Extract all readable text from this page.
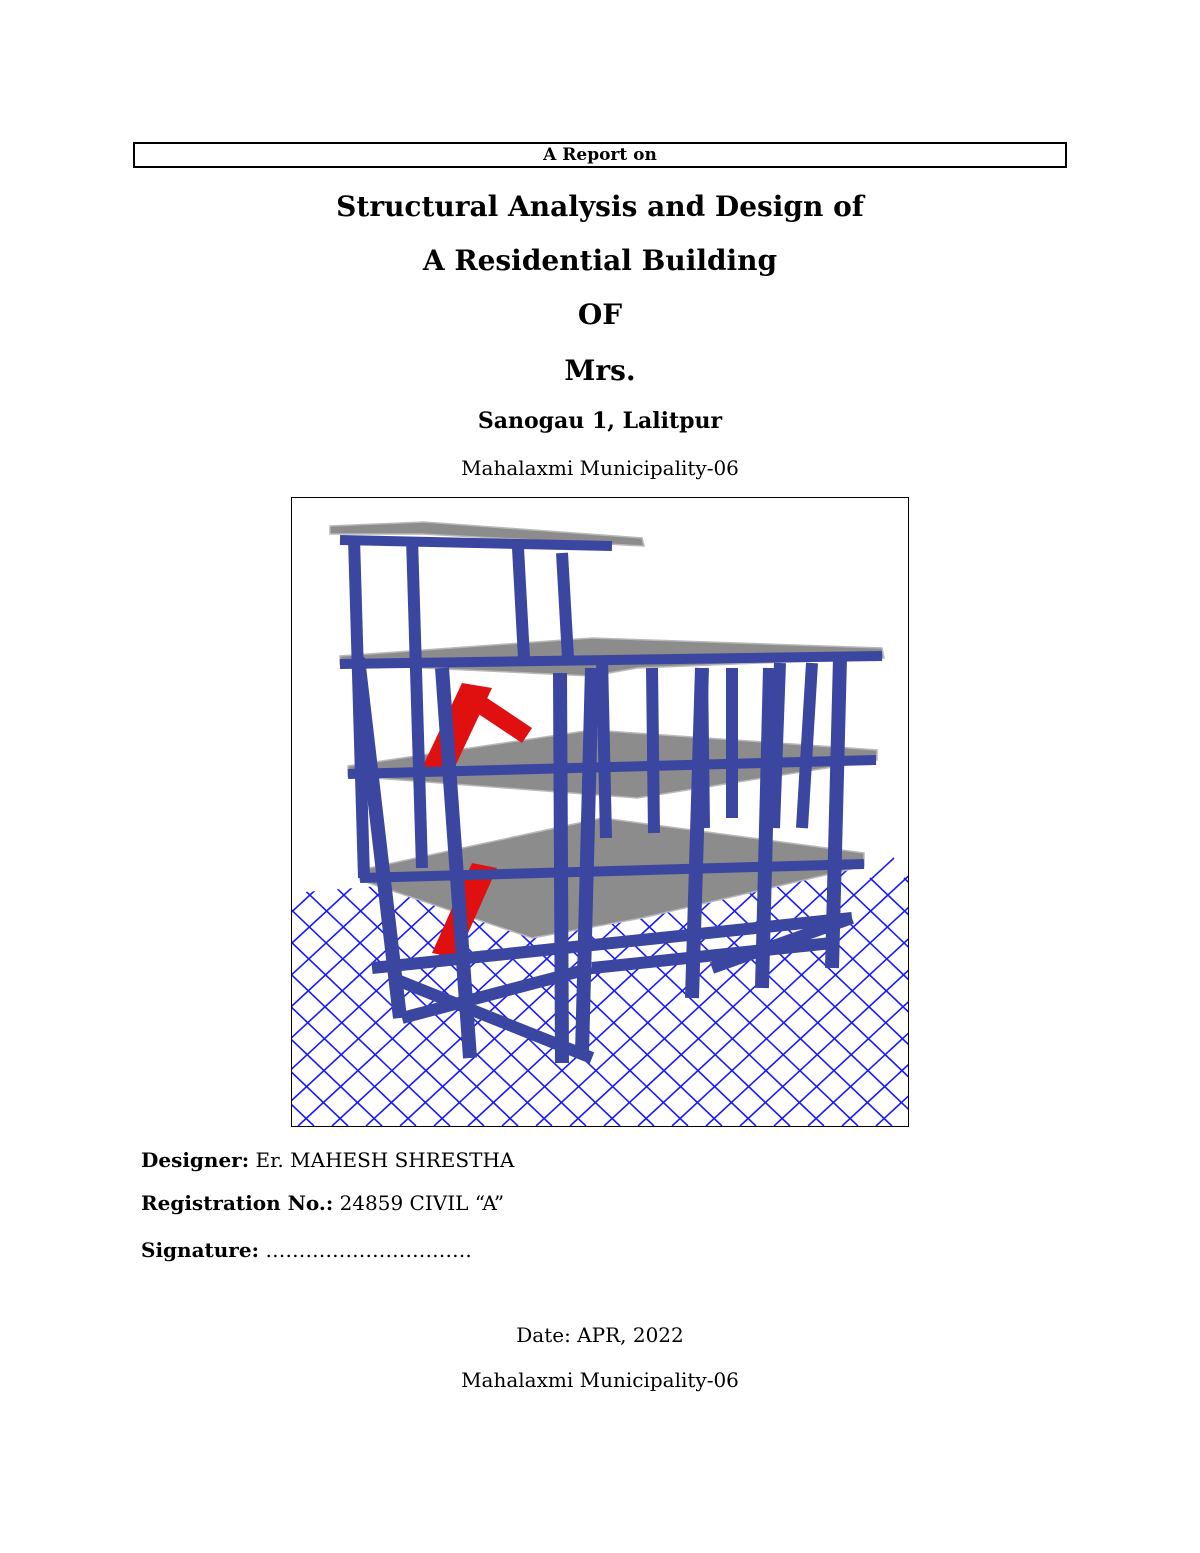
A Report on
Structural Analysis and Design of
A Residential Building
OF
Mrs.
Sanogau 1, Lalitpur
Mahalaxmi Municipality-06
Designer: Er. MAHESH SHRESTHA
Registration No.: 24859 CIVIL “A”
Signature: ………………………….
Date: APR, 2022
Mahalaxmi Municipality-06
